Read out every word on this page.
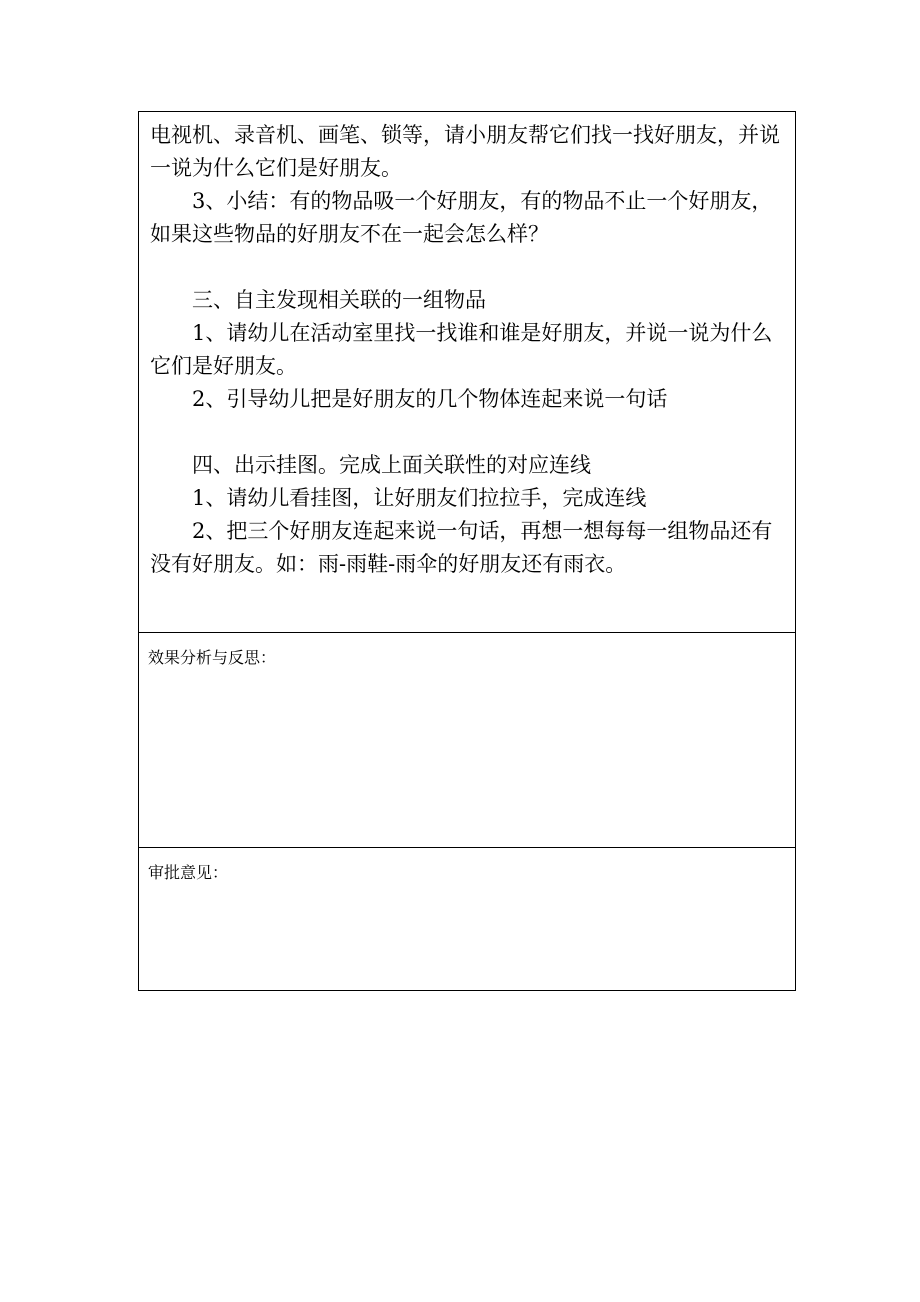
电视机、录音机、画笔、锁等，请小朋友帮它们找一找好朋友，并说
一说为什么它们是好朋友。
3、小结：有的物品吸一个好朋友，有的物品不止一个好朋友，
如果这些物品的好朋友不在一起会怎么样？
三、自主发现相关联的一组物品
1、请幼儿在活动室里找一找谁和谁是好朋友，并说一说为什么
它们是好朋友。
2、引导幼儿把是好朋友的几个物体连起来说一句话
四、出示挂图。完成上面关联性的对应连线
1、请幼儿看挂图，让好朋友们拉拉手，完成连线
2、把三个好朋友连起来说一句话，再想一想每每一组物品还有
没有好朋友。如：雨-雨鞋-雨伞的好朋友还有雨衣。
效果分析与反思：
审批意见：
